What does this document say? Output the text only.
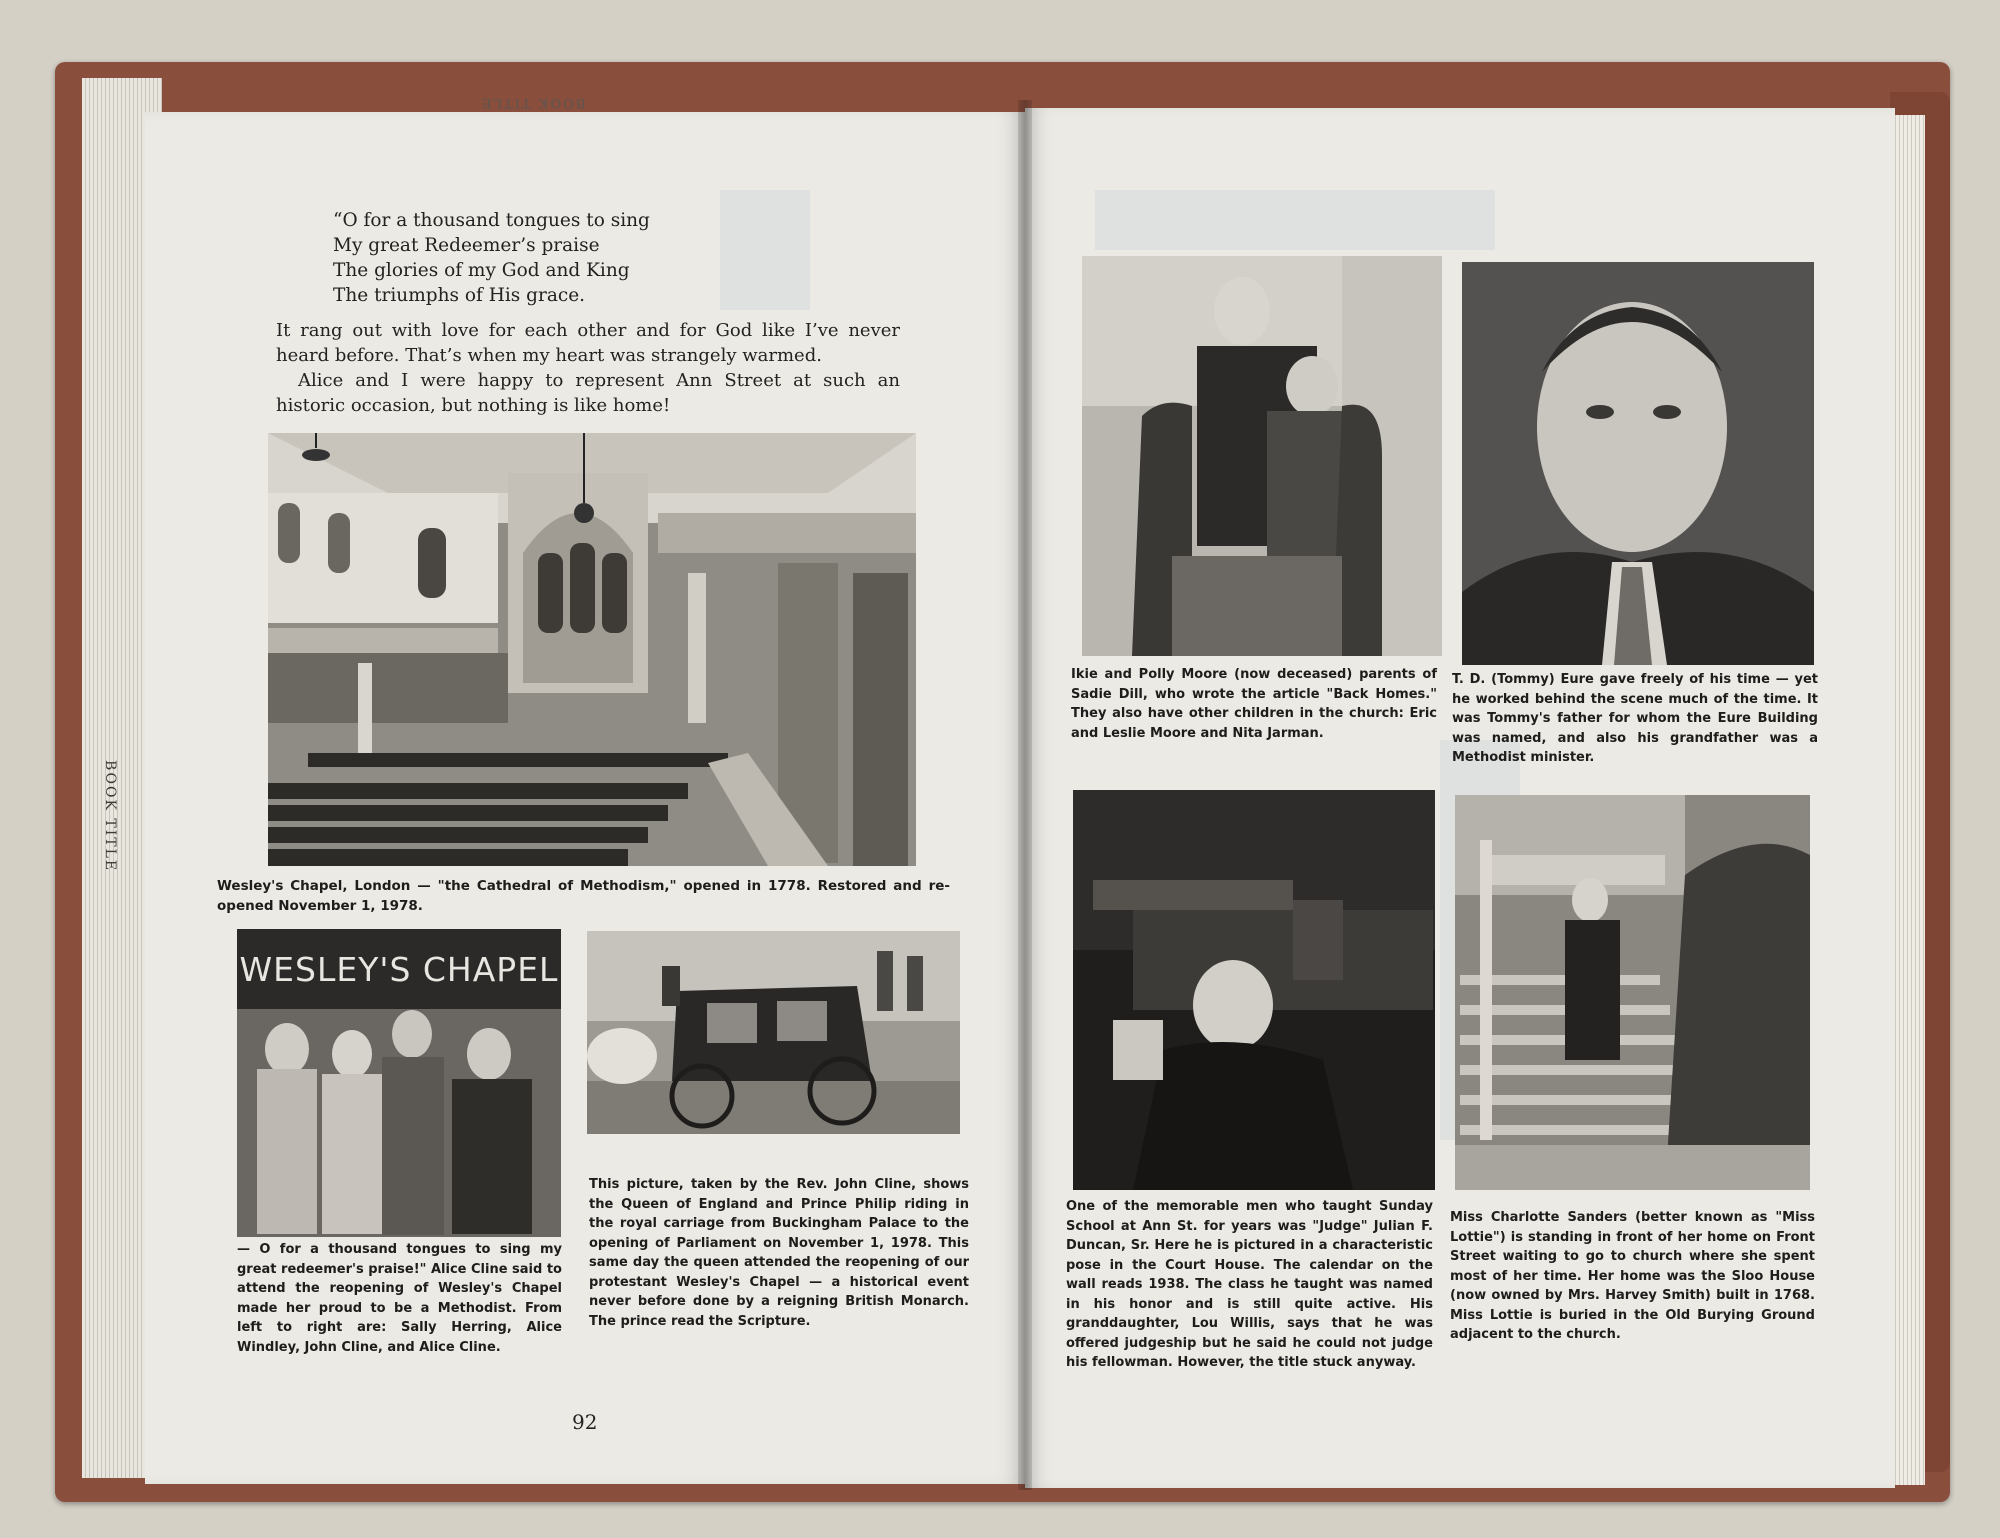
BOOK TITLE
BOOK TITLE
“O for a thousand tongues to sing
My great Redeemer’s praise
The glories of my God and King
The triumphs of His grace.

It rang out with love for each other and for God like I’ve never heard before. That’s when my heart was strangely warmed.

Alice and I were happy to represent Ann Street at such an historic occasion, but nothing is like home!

Wesley's Chapel, London — "the Cathedral of Methodism," opened in 1778. Restored and re-opened November 1, 1978.
WESLEY'S CHAPEL
— O for a thousand tongues to sing my great redeemer's praise!" Alice Cline said to attend the reopening of Wesley's Chapel made her proud to be a Methodist. From left to right are: Sally Herring, Alice Windley, John Cline, and Alice Cline.
This picture, taken by the Rev. John Cline, shows the Queen of England and Prince Philip riding in the royal carriage from Buckingham Palace to the opening of Parliament on November 1, 1978. This same day the queen attended the reopening of our protestant Wesley's Chapel — a historical event never before done by a reigning British Monarch. The prince read the Scripture.
92
Ikie and Polly Moore (now deceased) parents of Sadie Dill, who wrote the article "Back Homes." They also have other children in the church: Eric and Leslie Moore and Nita Jarman.
T. D. (Tommy) Eure gave freely of his time — yet he worked behind the scene much of the time. It was Tommy's father for whom the Eure Building was named, and also his grandfather was a Methodist minister.
One of the memorable men who taught Sunday School at Ann St. for years was "Judge" Julian F. Duncan, Sr. Here he is pictured in a characteristic pose in the Court House. The calendar on the wall reads 1938. The class he taught was named in his honor and is still quite active. His granddaughter, Lou Willis, says that he was offered judgeship but he said he could not judge his fellowman. However, the title stuck anyway.
Miss Charlotte Sanders (better known as "Miss Lottie") is standing in front of her home on Front Street waiting to go to church where she spent most of her time. Her home was the Sloo House (now owned by Mrs. Harvey Smith) built in 1768. Miss Lottie is buried in the Old Burying Ground adjacent to the church.
